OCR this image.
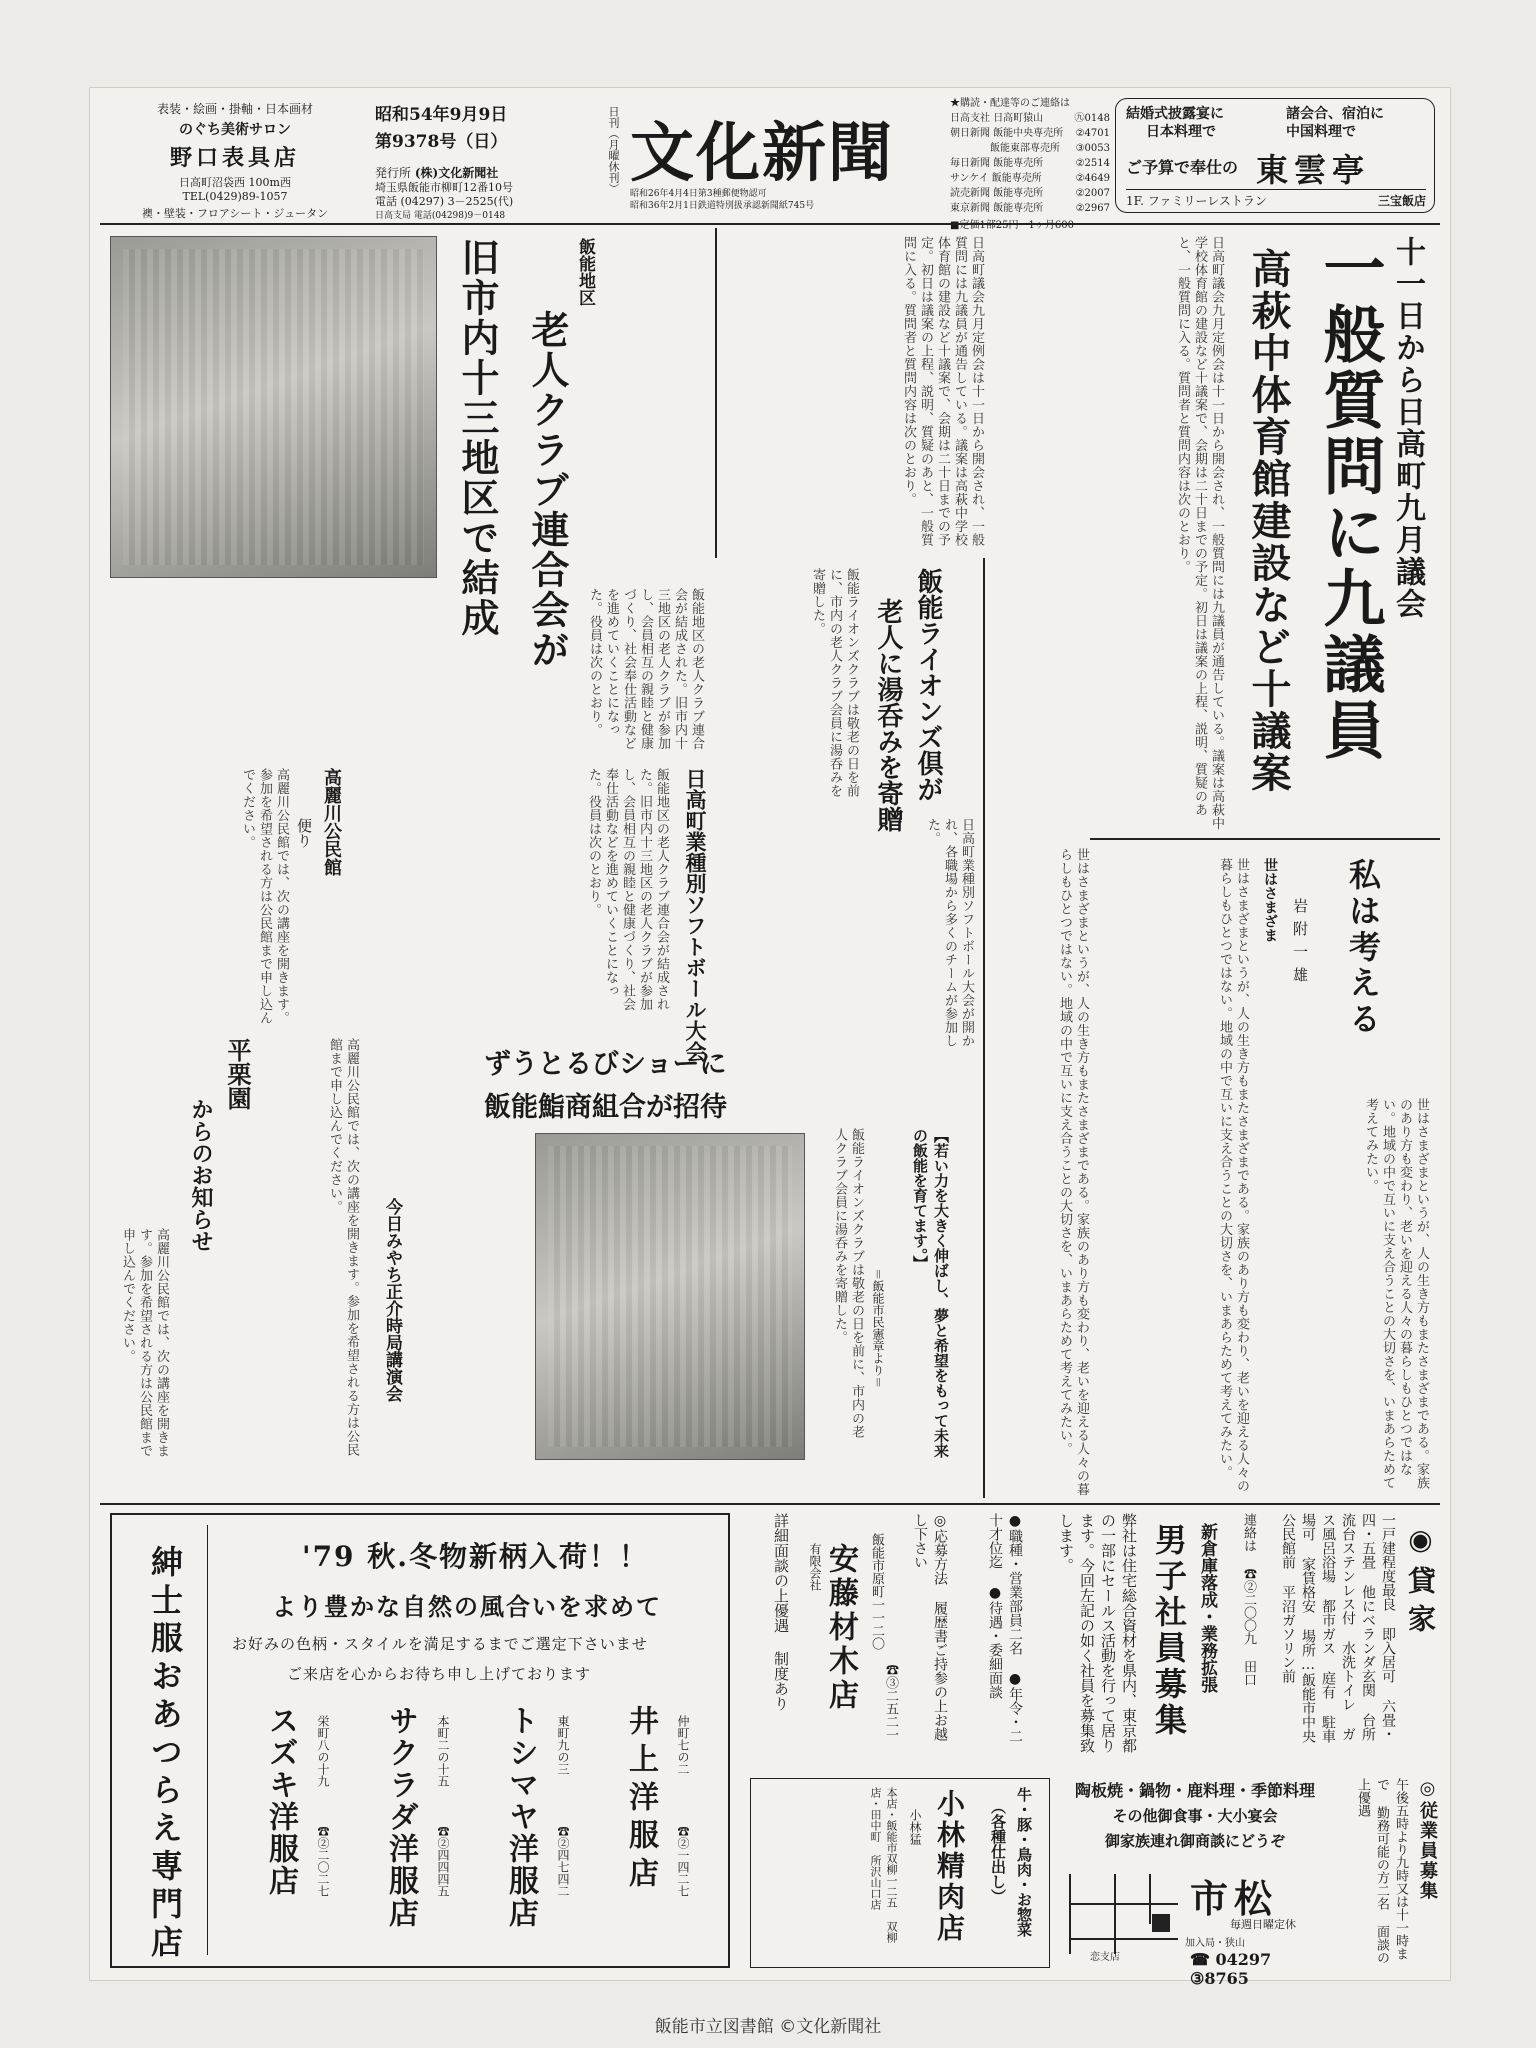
表装・絵画・掛軸・日本画材
のぐち美術サロン
野口表具店
日高町沼袋西 100m西
TEL(0429)89-1057
襖・壁装・フロアシート・ジュータン
昭和54年9月9日
第9378号（日）
発行所 (株)文化新聞社
埼玉県飯能市柳町12番10号
電話 (04297) 3－2525(代)
日高支局 電話(04298)9－0148
日刊（月曜休刊） 文化新聞
昭和26年4月4日第3種郵便物認可
昭和36年2月1日鉄道特別扱承認新聞紙745号
★購読・配達等のご連絡は
日高支社 日高町猿山	㊈0148
朝日新聞 飯能中央専売所 ②4701
飯能東部専売所 ③0053
毎日新聞 飯能専売所	②2514
サンケイ 飯能専売所	②4649
読売新聞 飯能専売所	②2007
東京新聞 飯能専売所	②2967
■定価1部25円・1ヶ月600
結婚式披露宴に
日本料理で
諸会合、宿泊に
中国料理で
ご予算で奉仕の 東雲亭
1F. ファミリーレストラン	三宝飯店
十一日から日高町九月議会
一般質問に九議員
高萩中体育館建設など十議案
日高町議会九月定例会は十一日から開会され、一般質問には九議員が通告している。議案は高萩中学校体育館の建設など十議案で、会期は二十日までの予定。初日は議案の上程、説明、質疑のあと、一般質問に入る。質問者と質問内容は次のとおり。
日高町議会九月定例会は十一日から開会され、一般質問には九議員が通告している。議案は高萩中学校体育館の建設など十議案で、会期は二十日までの予定。初日は議案の上程、説明、質疑のあと、一般質問に入る。質問者と質問内容は次のとおり。
私は考える
岩附一雄
世はさまざま
世はさまざまというが、人の生き方もまたさまざまである。家族のあり方も変わり、老いを迎える人々の暮らしもひとつではない。地域の中で互いに支え合うことの大切さを、いまあらためて考えてみたい。	世はさまざまというが、人の生き方もまたさまざまである。家族のあり方も変わり、老いを迎える人々の暮らしもひとつではない。地域の中で互いに支え合うことの大切さを、いまあらためて考えてみたい。
世はさまざまというが、人の生き方もまたさまざまである。家族のあり方も変わり、老いを迎える人々の暮らしもひとつではない。地域の中で互いに支え合うことの大切さを、いまあらためて考えてみたい。
飯能地区
老人クラブ連合会が
旧市内十三地区で結成
飯能地区の老人クラブ連合会が結成された。旧市内十三地区の老人クラブが参加し、会員相互の親睦と健康づくり、社会奉仕活動などを進めていくことになった。役員は次のとおり。	飯能ライオンズ倶が
老人に湯呑みを寄贈
飯能ライオンズクラブは敬老の日を前に、市内の老人クラブ会員に湯呑みを寄贈した。
日高町業種別ソフトボール大会	日高町業種別ソフトボール大会が開かれ、各職場から多くのチームが参加した。
高麗川公民館
便り
高麗川公民館では、次の講座を開きます。参加を希望される方は公民館まで申し込んでください。	飯能地区の老人クラブ連合会が結成された。旧市内十三地区の老人クラブが参加し、会員相互の親睦と健康づくり、社会奉仕活動などを進めていくことになった。役員は次のとおり。
ずうとるびショーに
飯能鮨商組合が招待
平栗園
からのお知らせ	高麗川公民館では、次の講座を開きます。参加を希望される方は公民館まで申し込んでください。
今日みやち正介時局講演会
高麗川公民館では、次の講座を開きます。参加を希望される方は公民館まで申し込んでください。	【若い力を大きく伸ばし、夢と希望をもって未来の飯能を育てます。】
＝飯能市民憲章より＝
飯能ライオンズクラブは敬老の日を前に、市内の老人クラブ会員に湯呑みを寄贈した。
紳士服おあつらえ専門店	'79 秋.冬物新柄入荷！！
より豊かな自然の風合いを求めて
お好みの色柄・スタイルを満足するまでご選定下さいませ
ご来店を心からお待ち申し上げております
井上洋服店	仲町七の二
☎②一四二七
トシマヤ洋服店	東町九の三
☎②四七四二
サクラダ洋服店	本町二の十五
☎②四四四五
スズキ洋服店	栄町八の十九
☎②二〇二七
詳細面談の上優遇 制度あり 有限会社 安藤材木店 飯能市原町一一二〇
☎③二五二一
新倉庫落成・業務拡張
男子社員募集
弊社は住宅総合資材を県内、東京都の一部にセールス活動を行って居ります。今回左記の如く社員を募集致します。
●職種・営業部員二名 ●年令・二十才位迄 ●待遇・委細面談
◎応募方法 履歴書ご持参の上お越し下さい	◉貸家
一戸建程度最良 即入居可 六畳・四・五畳 他にベランダ玄関 台所流台ステンレス付 水洗トイレ ガス風呂浴場 都市ガス 庭有 駐車場可 家賃格安 場所…飯能市中央公民館前 平沼ガソリン前
連絡は ☎②二〇〇九 田口
牛・豚・鳥肉・お惣菜
（各種仕出し）
小林精肉店
小林猛
本店・飯能市双柳一二五 双柳店・田中町 所沢山口店	陶板焼・鍋物・鹿料理・季節料理
その他御食事・大小宴会
御家族連れ御商談にどうぞ
加入局・狭山
恋支店
市松
毎週日曜定休
☎ 04297 ③8765
◎従業員募集
午後五時より九時又は十一時まで 勤務可能の方二名 面談の上優遇
飯能市立図書館 ©文化新聞社
